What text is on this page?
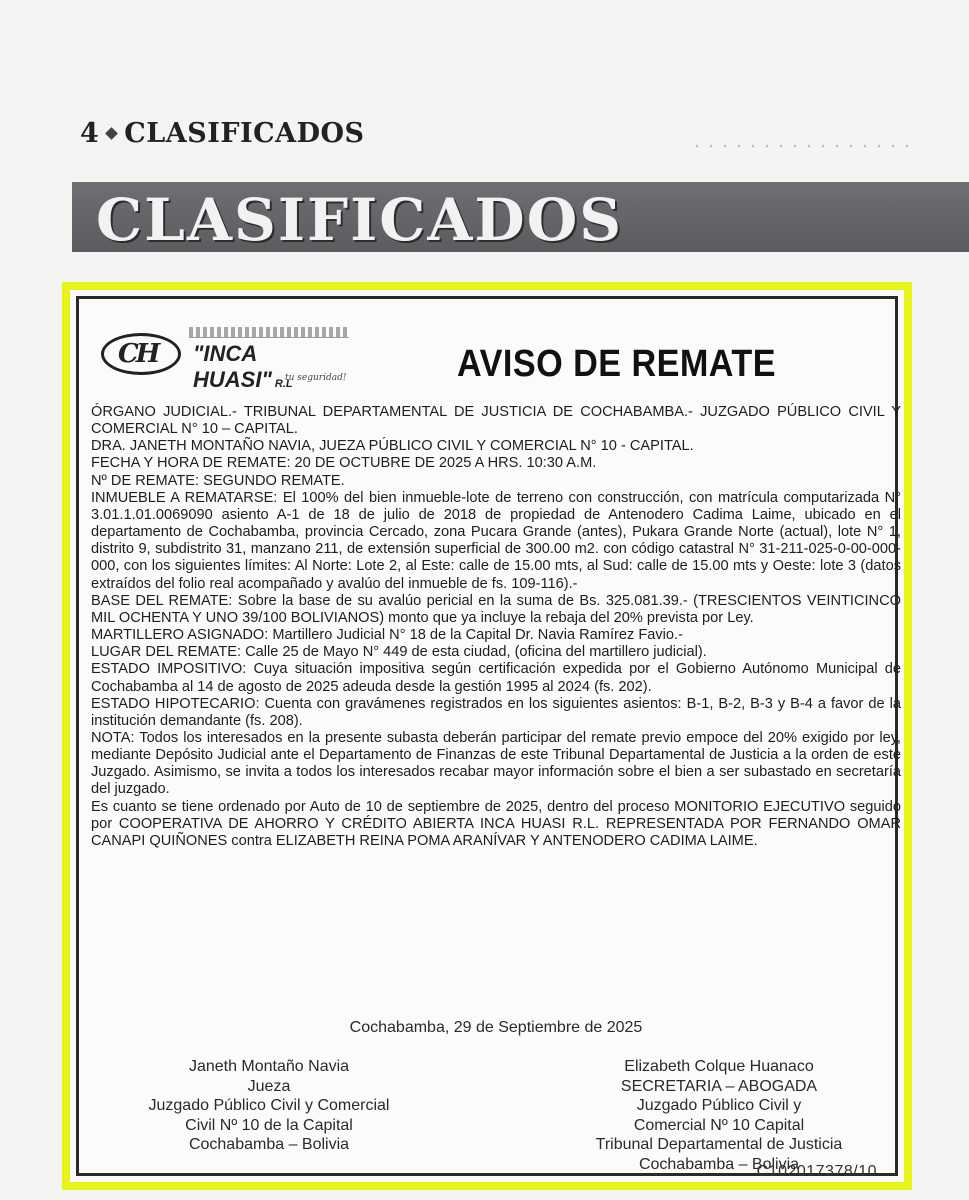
4 CLASIFICADOS
CLASIFICADOS
CH "INCA HUASI" R.L
tu seguridad!	AVISO DE REMATE

ÓRGANO JUDICIAL.- TRIBUNAL DEPARTAMENTAL DE JUSTICIA DE COCHABAMBA.- JUZGADO PÚBLICO CIVIL Y COMERCIAL N° 10 – CAPITAL.

DRA. JANETH MONTAÑO NAVIA, JUEZA PÚBLICO CIVIL Y COMERCIAL N° 10 - CAPITAL.

FECHA Y HORA DE REMATE: 20 DE OCTUBRE DE 2025 A HRS. 10:30 A.M.

Nº DE REMATE: SEGUNDO REMATE.

INMUEBLE A REMATARSE: El 100% del bien inmueble-lote de terreno con construcción, con matrícula computarizada N° 3.01.1.01.0069090 asiento A-1 de 18 de julio de 2018 de propiedad de Antenodero Cadima Laime, ubicado en el departamento de Cochabamba, provincia Cercado, zona Pucara Grande (antes), Pukara Grande Norte (actual), lote N° 1, distrito 9, subdistrito 31, manzano 211, de extensión superficial de 300.00 m2. con código catastral N° 31-211-025-0-00-000-000, con los siguientes límites: Al Norte: Lote 2, al Este: calle de 15.00 mts, al Sud: calle de 15.00 mts y Oeste: lote 3 (datos extraídos del folio real acompañado y avalúo del inmueble de fs. 109-116).-

BASE DEL REMATE: Sobre la base de su avalúo pericial en la suma de Bs. 325.081.39.- (TRESCIENTOS VEINTICINCO MIL OCHENTA Y UNO 39/100 BOLIVIANOS) monto que ya incluye la rebaja del 20% prevista por Ley.

MARTILLERO ASIGNADO: Martillero Judicial N° 18 de la Capital Dr. Navia Ramírez Favio.-

LUGAR DEL REMATE: Calle 25 de Mayo N° 449 de esta ciudad, (oficina del martillero judicial).

ESTADO IMPOSITIVO: Cuya situación impositiva según certificación expedida por el Gobierno Autónomo Municipal de Cochabamba al 14 de agosto de 2025 adeuda desde la gestión 1995 al 2024 (fs. 202).

ESTADO HIPOTECARIO: Cuenta con gravámenes registrados en los siguientes asientos: B-1, B-2, B-3 y B-4 a favor de la institución demandante (fs. 208).

NOTA: Todos los interesados en la presente subasta deberán participar del remate previo empoce del 20% exigido por ley, mediante Depósito Judicial ante el Departamento de Finanzas de este Tribunal Departamental de Justicia a la orden de este Juzgado. Asimismo, se invita a todos los interesados recabar mayor información sobre el bien a ser subastado en secretaría del juzgado.

Es cuanto se tiene ordenado por Auto de 10 de septiembre de 2025, dentro del proceso MONITORIO EJECUTIVO seguido por COOPERATIVA DE AHORRO Y CRÉDITO ABIERTA INCA HUASI R.L. REPRESENTADA POR FERNANDO OMAR CANAPI QUIÑONES contra ELIZABETH REINA POMA ARANÍVAR Y ANTENODERO CADIMA LAIME.

Cochabamba, 29 de Septiembre de 2025

Janeth Montaño Navia

Jueza

Juzgado Público Civil y Comercial

Civil Nº 10 de la Capital

Cochabamba – Bolivia

Elizabeth Colque Huanaco

SECRETARIA – ABOGADA

Juzgado Público Civil y

Comercial Nº 10 Capital

Tribunal Departamental de Justicia

Cochabamba – Bolivia

C102017378/10
